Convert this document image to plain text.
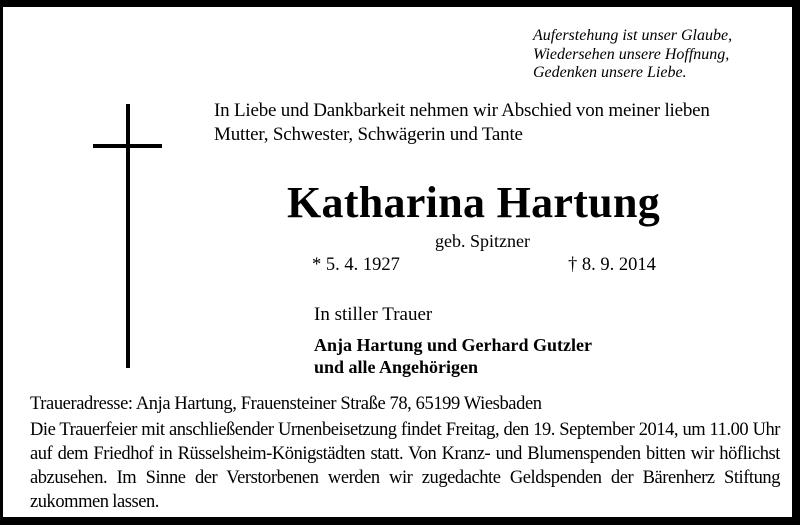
Auferstehung ist unser Glaube,
Wiedersehen unsere Hoffnung,
Gedenken unsere Liebe.
In Liebe und Dankbarkeit nehmen wir Abschied von meiner lieben
Mutter, Schwester, Schwägerin und Tante
Katharina Hartung
geb. Spitzner
* 5. 4. 1927	† 8. 9. 2014
In stiller Trauer
Anja Hartung und Gerhard Gutzler
und alle Angehörigen
Traueradresse: Anja Hartung, Frauensteiner Straße 78, 65199 Wiesbaden
Die Trauerfeier mit anschließender Urnenbeisetzung findet Freitag, den 19. September 2014, um 11.00 Uhr auf dem Friedhof in Rüsselsheim-Königstädten statt. Von Kranz- und Blumenspenden bitten wir höflichst abzusehen. Im Sinne der Verstorbenen werden wir zugedachte Geldspenden der Bärenherz Stiftung zukommen lassen.
